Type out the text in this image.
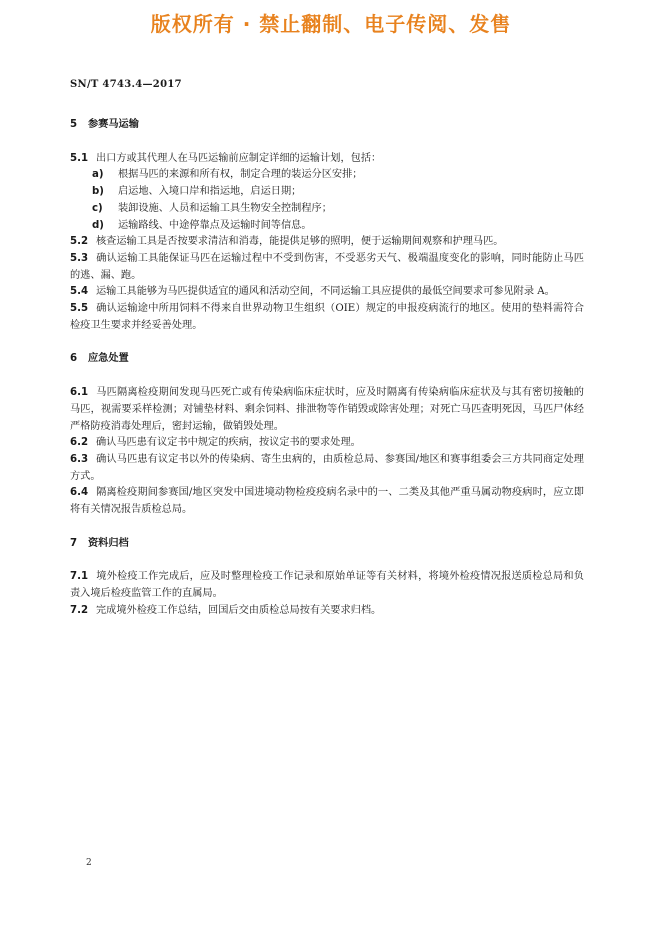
版权所有 · 禁止翻制、电子传阅、发售
SN/T 4743.4—2017
5 参赛马运输

5.1 出口方或其代理人在马匹运输前应制定详细的运输计划，包括：

a) 根据马匹的来源和所有权，制定合理的装运分区安排；

b) 启运地、入境口岸和指运地，启运日期；

c) 装卸设施、人员和运输工具生物安全控制程序；

d) 运输路线、中途停靠点及运输时间等信息。

5.2 核查运输工具是否按要求清洁和消毒，能提供足够的照明，便于运输期间观察和护理马匹。

5.3 确认运输工具能保证马匹在运输过程中不受到伤害，不受恶劣天气、极端温度变化的影响，同时能防止马匹的逃、漏、跑。

5.4 运输工具能够为马匹提供适宜的通风和活动空间，不同运输工具应提供的最低空间要求可参见附录 A。

5.5 确认运输途中所用饲料不得来自世界动物卫生组织（OIE）规定的申报疫病流行的地区。使用的垫料需符合检疫卫生要求并经妥善处理。

6 应急处置

6.1 马匹隔离检疫期间发现马匹死亡或有传染病临床症状时，应及时隔离有传染病临床症状及与其有密切接触的马匹，视需要采样检测；对铺垫材料、剩余饲料、排泄物等作销毁或除害处理；对死亡马匹查明死因，马匹尸体经严格防疫消毒处理后，密封运输，做销毁处理。

6.2 确认马匹患有议定书中规定的疾病，按议定书的要求处理。

6.3 确认马匹患有议定书以外的传染病、寄生虫病的，由质检总局、参赛国/地区和赛事组委会三方共同商定处理方式。

6.4 隔离检疫期间参赛国/地区突发中国进境动物检疫疫病名录中的一、二类及其他严重马属动物疫病时，应立即将有关情况报告质检总局。

7 资料归档

7.1 境外检疫工作完成后，应及时整理检疫工作记录和原始单证等有关材料，将境外检疫情况报送质检总局和负责入境后检疫监管工作的直属局。

7.2 完成境外检疫工作总结，回国后交由质检总局按有关要求归档。

2
